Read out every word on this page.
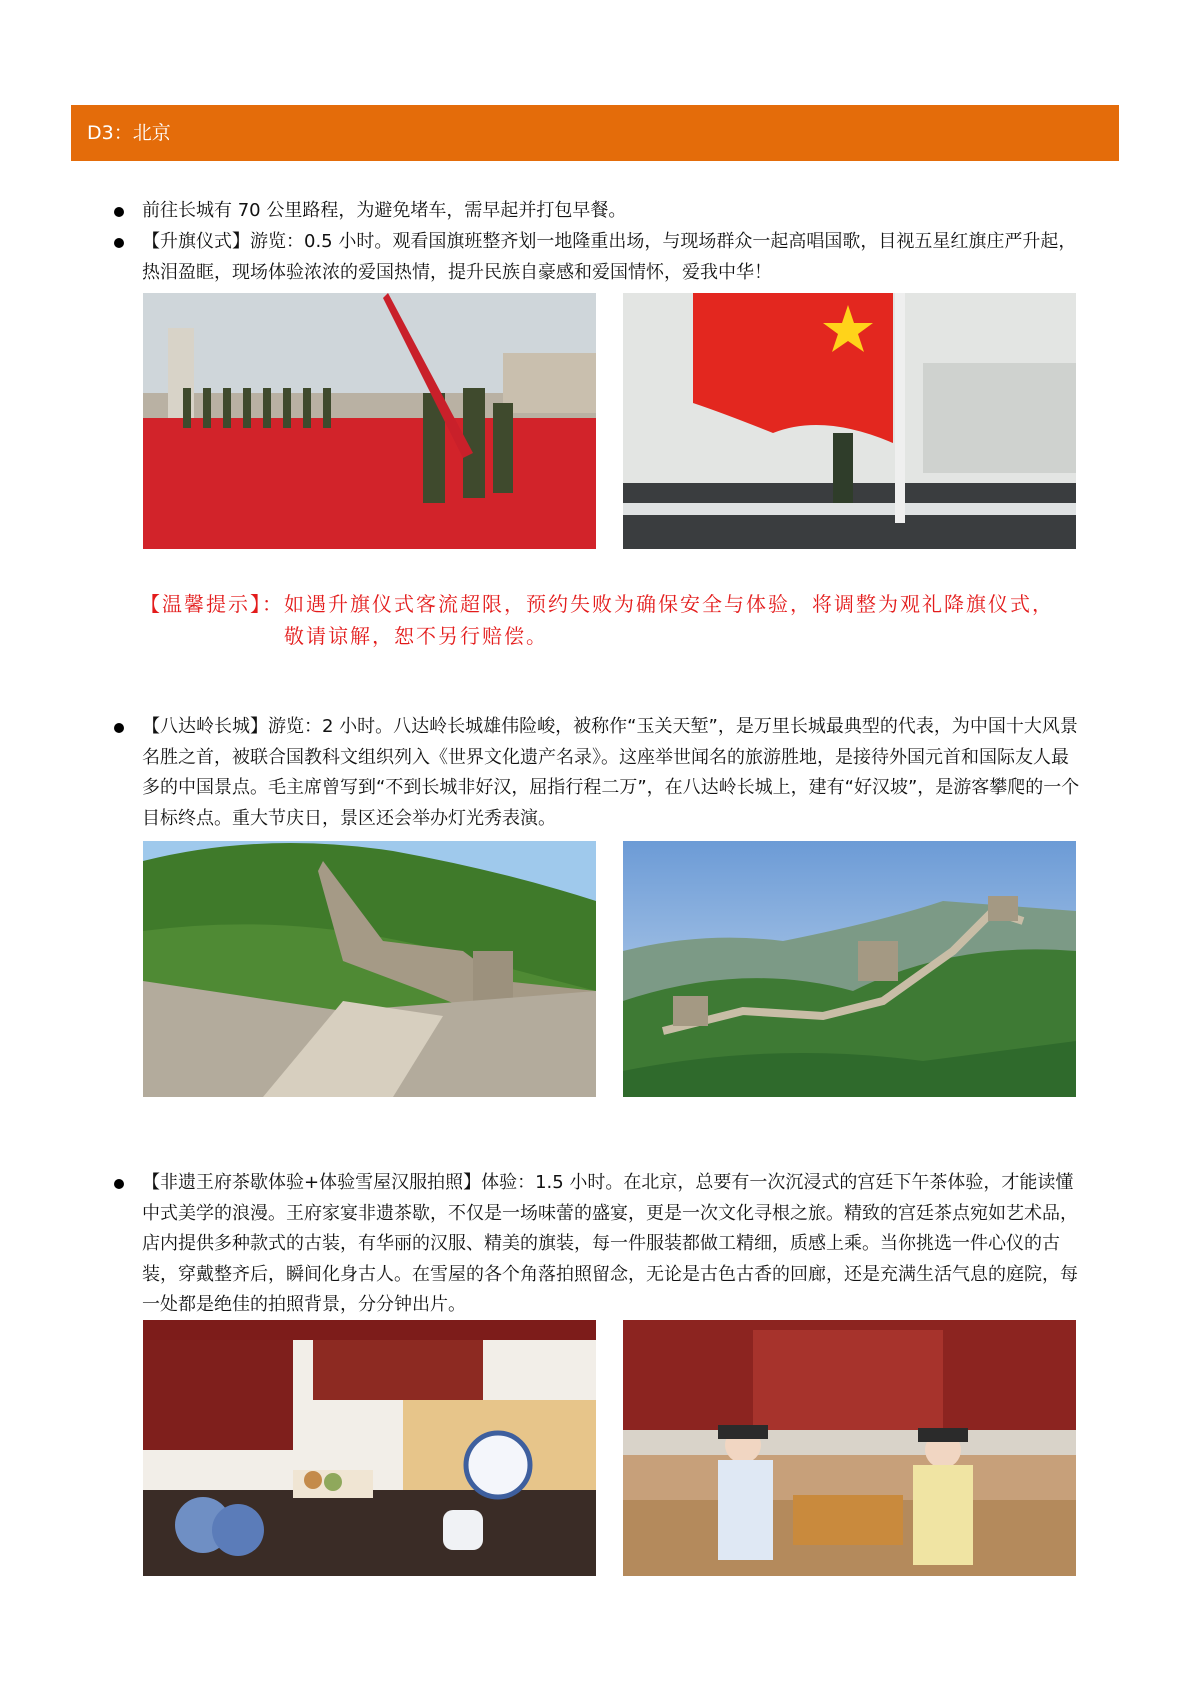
D3：北京
前往长城有 70 公里路程，为避免堵车，需早起并打包早餐。
【升旗仪式】游览：0.5 小时。观看国旗班整齐划一地隆重出场，与现场群众一起高唱国歌，目视五星红旗庄严升起，热泪盈眶，现场体验浓浓的爱国热情，提升民族自豪感和爱国情怀，爱我中华！
【温馨提示】：如遇升旗仪式客流超限，预约失败为确保安全与体验，将调整为观礼降旗仪式，敬请谅解，恕不另行赔偿。
【八达岭长城】游览：2 小时。八达岭长城雄伟险峻，被称作“玉关天堑”，是万里长城最典型的代表，为中国十大风景名胜之首，被联合国教科文组织列入《世界文化遗产名录》。这座举世闻名的旅游胜地，是接待外国元首和国际友人最多的中国景点。毛主席曾写到“不到长城非好汉，屈指行程二万”，在八达岭长城上，建有“好汉坡”，是游客攀爬的一个目标终点。重大节庆日，景区还会举办灯光秀表演。
【非遗王府茶歇体验+体验雪屋汉服拍照】体验：1.5 小时。在北京，总要有一次沉浸式的宫廷下午茶体验，才能读懂中式美学的浪漫。王府家宴非遗茶歇，不仅是一场味蕾的盛宴，更是一次文化寻根之旅。精致的宫廷茶点宛如艺术品，店内提供多种款式的古装，有华丽的汉服、精美的旗装，每一件服装都做工精细，质感上乘。当你挑选一件心仪的古装，穿戴整齐后，瞬间化身古人。在雪屋的各个角落拍照留念，无论是古色古香的回廊，还是充满生活气息的庭院，每一处都是绝佳的拍照背景，分分钟出片。
